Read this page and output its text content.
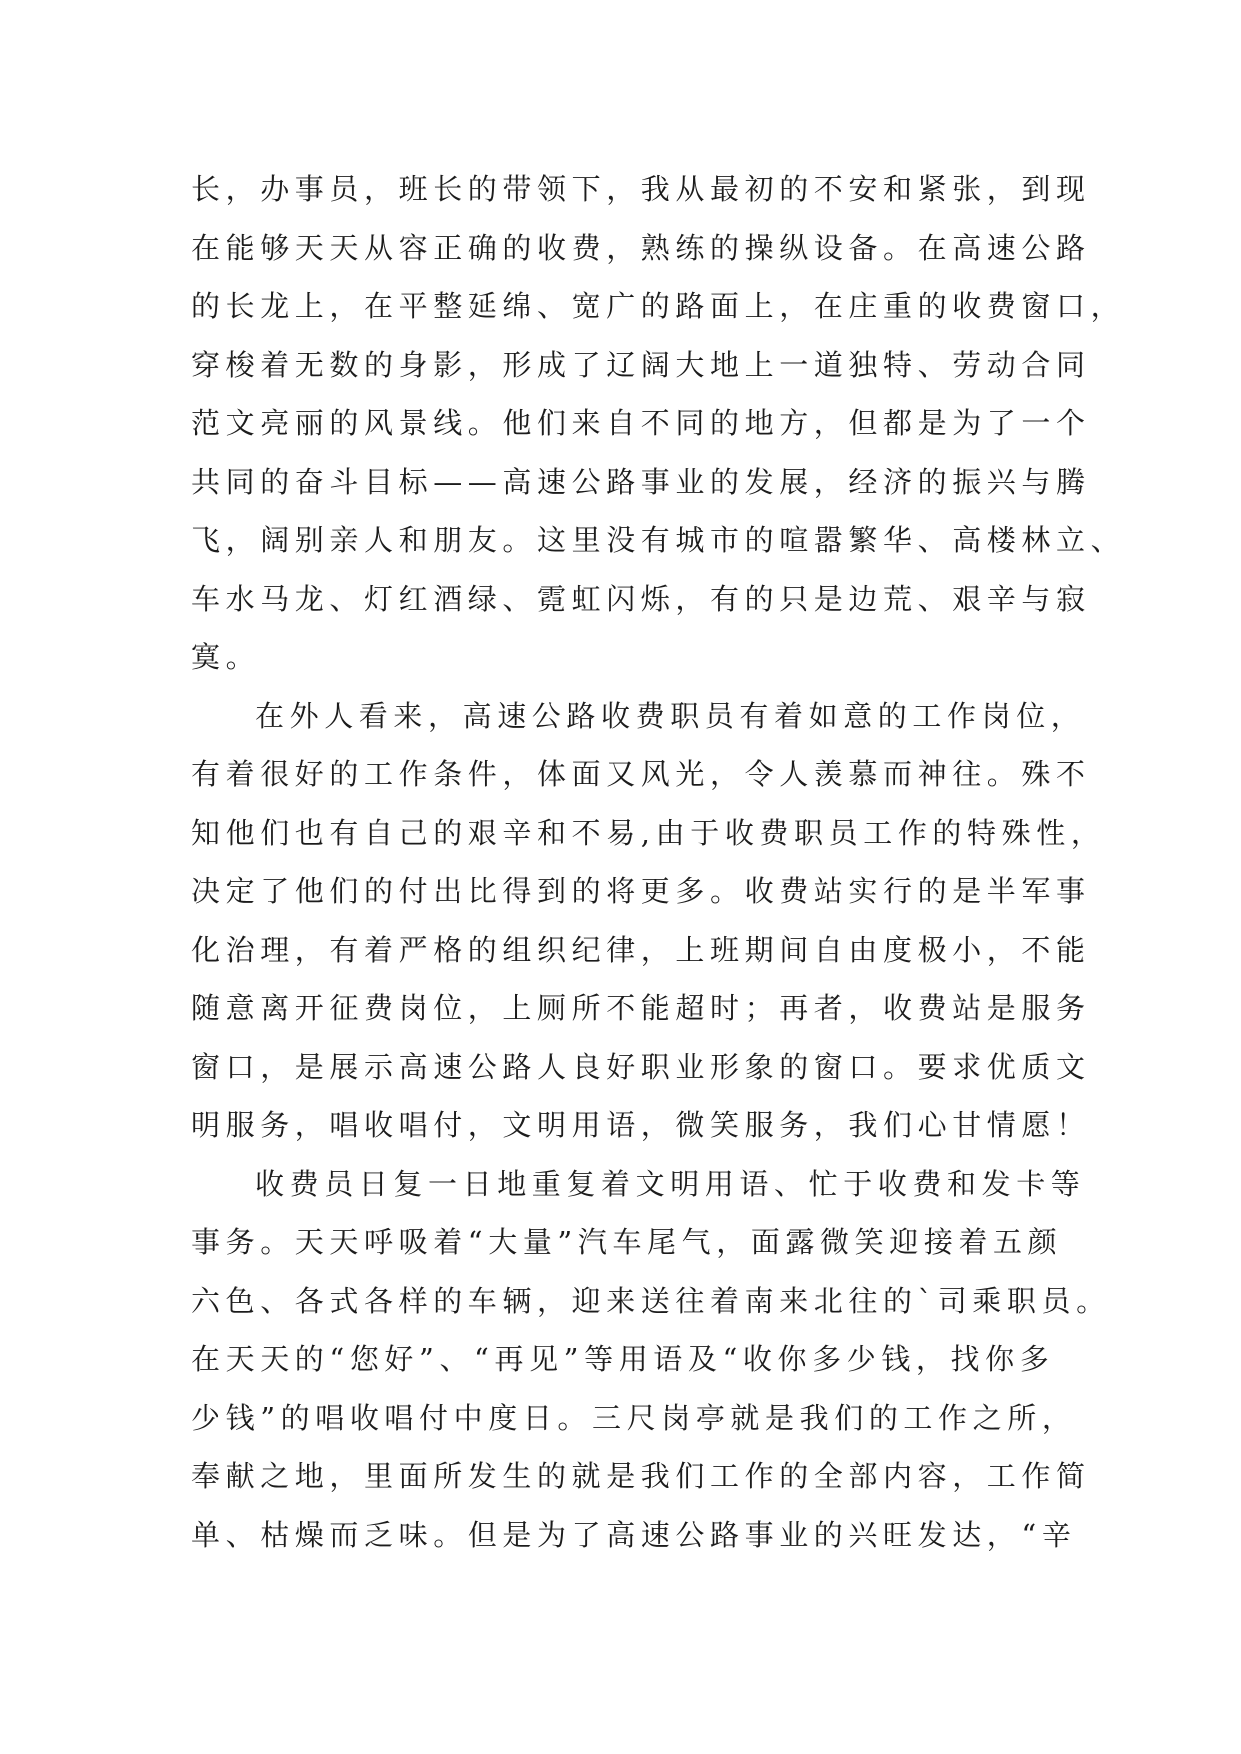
长，办事员，班长的带领下，我从最初的不安和紧张，到现
在能够天天从容正确的收费，熟练的操纵设备。在高速公路
的长龙上，在平整延绵、宽广的路面上，在庄重的收费窗口，
穿梭着无数的身影，形成了辽阔大地上一道独特、劳动合同
范文亮丽的风景线。他们来自不同的地方，但都是为了一个
共同的奋斗目标——高速公路事业的发展，经济的振兴与腾
飞，阔别亲人和朋友。这里没有城市的喧嚣繁华、高楼林立、
车水马龙、灯红酒绿、霓虹闪烁，有的只是边荒、艰辛与寂
寞。
在外人看来，高速公路收费职员有着如意的工作岗位，
有着很好的工作条件，体面又风光，令人羡慕而神往。殊不
知他们也有自己的艰辛和不易,由于收费职员工作的特殊性，
决定了他们的付出比得到的将更多。收费站实行的是半军事
化治理，有着严格的组织纪律，上班期间自由度极小，不能
随意离开征费岗位，上厕所不能超时；再者，收费站是服务
窗口，是展示高速公路人良好职业形象的窗口。要求优质文
明服务，唱收唱付，文明用语，微笑服务，我们心甘情愿！
收费员日复一日地重复着文明用语、忙于收费和发卡等
事务。天天呼吸着“大量”汽车尾气，面露微笑迎接着五颜
六色、各式各样的车辆，迎来送往着南来北往的`司乘职员。
在天天的“您好”、“再见”等用语及“收你多少钱，找你多
少钱”的唱收唱付中度日。三尺岗亭就是我们的工作之所，
奉献之地，里面所发生的就是我们工作的全部内容，工作简
单、枯燥而乏味。但是为了高速公路事业的兴旺发达，“辛
